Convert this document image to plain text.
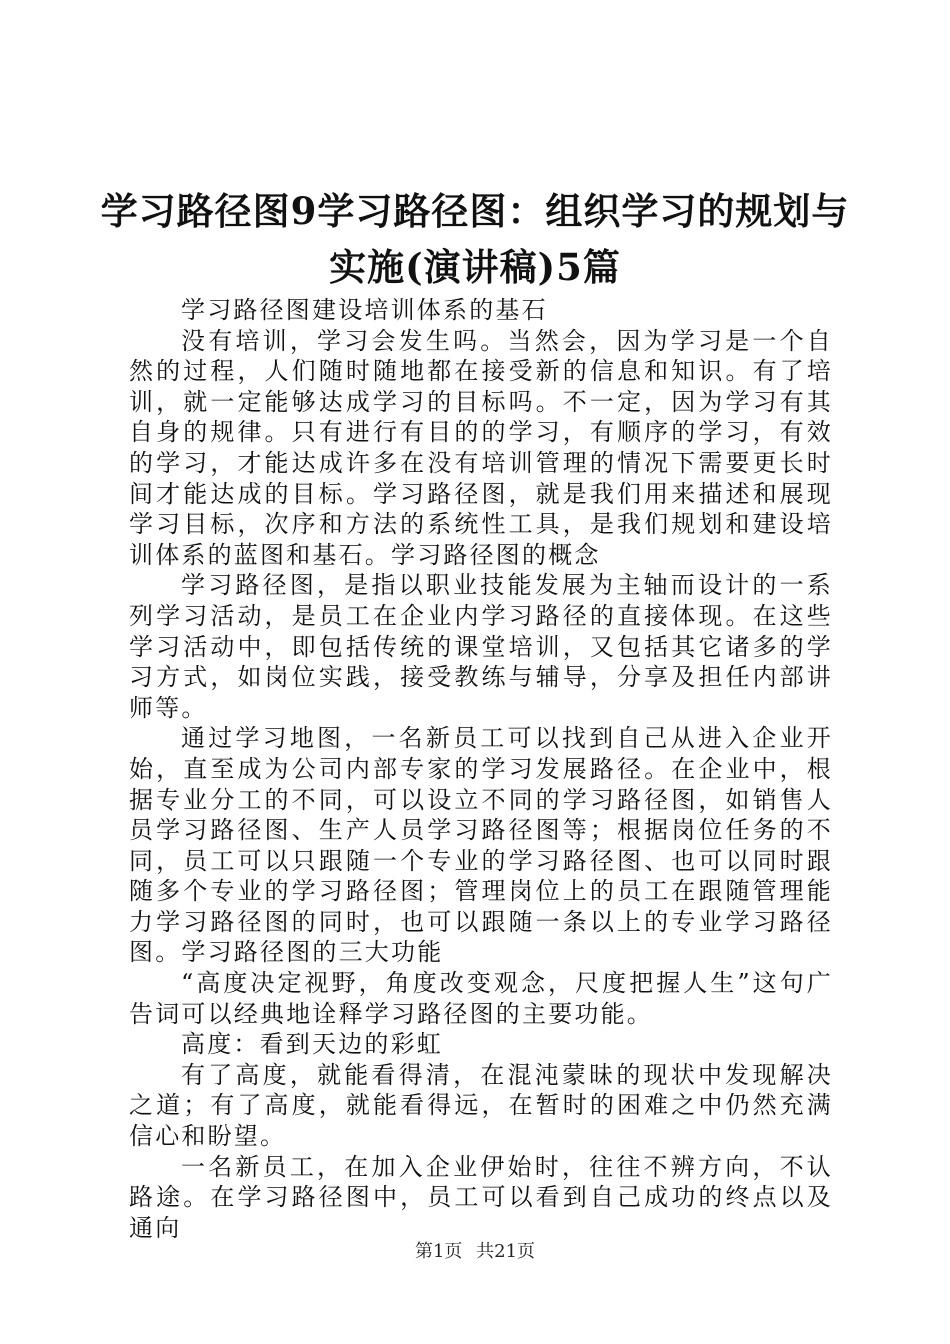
学习路径图9学习路径图：组织学习的规划与
实施(演讲稿)5篇

学习路径图建设培训体系的基石

没有培训，学习会发生吗。当然会，因为学习是一个自然的过程，人们随时随地都在接受新的信息和知识。有了培训，就一定能够达成学习的目标吗。不一定，因为学习有其自身的规律。只有进行有目的的学习，有顺序的学习，有效的学习，才能达成许多在没有培训管理的情况下需要更长时间才能达成的目标。学习路径图，就是我们用来描述和展现学习目标，次序和方法的系统性工具，是我们规划和建设培训体系的蓝图和基石。学习路径图的概念

学习路径图，是指以职业技能发展为主轴而设计的一系列学习活动，是员工在企业内学习路径的直接体现。在这些学习活动中，即包括传统的课堂培训，又包括其它诸多的学习方式，如岗位实践，接受教练与辅导，分享及担任内部讲师等。

通过学习地图，一名新员工可以找到自己从进入企业开始，直至成为公司内部专家的学习发展路径。在企业中，根据专业分工的不同，可以设立不同的学习路径图，如销售人员学习路径图、生产人员学习路径图等；根据岗位任务的不同，员工可以只跟随一个专业的学习路径图、也可以同时跟随多个专业的学习路径图；管理岗位上的员工在跟随管理能力学习路径图的同时，也可以跟随一条以上的专业学习路径图。学习路径图的三大功能

“高度决定视野，角度改变观念，尺度把握人生”这句广告词可以经典地诠释学习路径图的主要功能。

高度：看到天边的彩虹

有了高度，就能看得清，在混沌蒙昧的现状中发现解决之道；有了高度，就能看得远，在暂时的困难之中仍然充满信心和盼望。

一名新员工，在加入企业伊始时，往往不辨方向，不认路途。在学习路径图中，员工可以看到自己成功的终点以及通向

第1页 共21页
